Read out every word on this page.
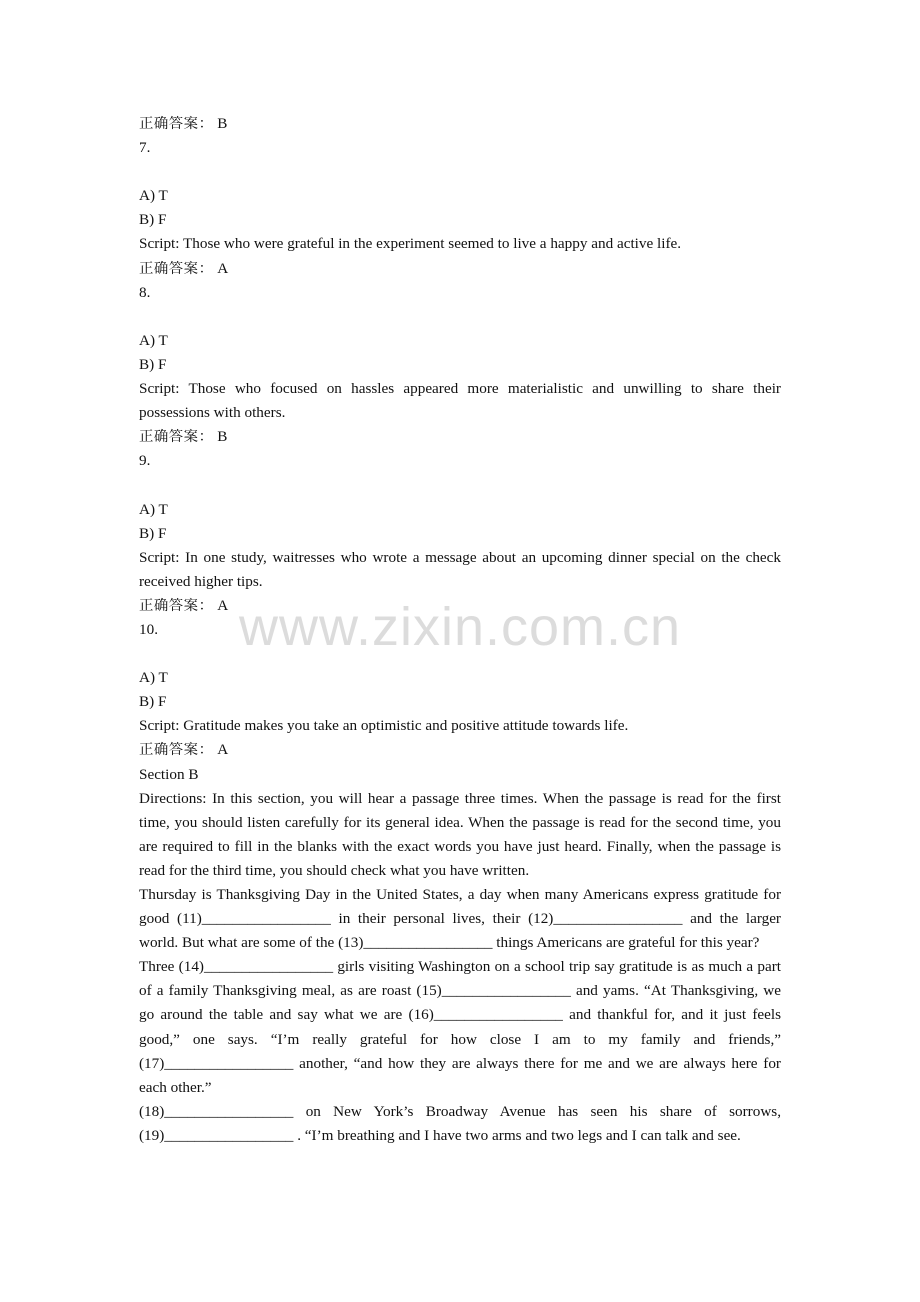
正确答案： B
7.
A) T
B) F
Script: Those who were grateful in the experiment seemed to live a happy and active life.
正确答案： A
8.
A) T
B) F
Script: Those who focused on hassles appeared more materialistic and unwilling to share their possessions with others.
正确答案： B
9.
A) T
B) F
Script: In one study, waitresses who wrote a message about an upcoming dinner special on the check received higher tips.
正确答案： A
10.
A) T
B) F
Script: Gratitude makes you take an optimistic and positive attitude towards life.
正确答案： A
Section B
Directions: In this section, you will hear a passage three times. When the passage is read for the first time, you should listen carefully for its general idea. When the passage is read for the second time, you are required to fill in the blanks with the exact words you have just heard. Finally, when the passage is read for the third time, you should check what you have written.
Thursday is Thanksgiving Day in the United States, a day when many Americans express gratitude for good (11)_________________ in their personal lives, their (12)_________________ and the larger world. But what are some of the (13)_________________ things Americans are grateful for this year?
Three (14)_________________ girls visiting Washington on a school trip say gratitude is as much a part of a family Thanksgiving meal, as are roast (15)_________________ and yams. “At Thanksgiving, we go around the table and say what we are (16)_________________ and thankful for, and it just feels good,” one says. “I’m really grateful for how close I am to my family and friends,” (17)_________________ another, “and how they are always there for me and we are always here for each other.”
(18)_________________ on New York’s Broadway Avenue has seen his share of sorrows, (19)_________________ . “I’m breathing and I have two arms and two legs and I can talk and see.
www.zixin.com.cn
